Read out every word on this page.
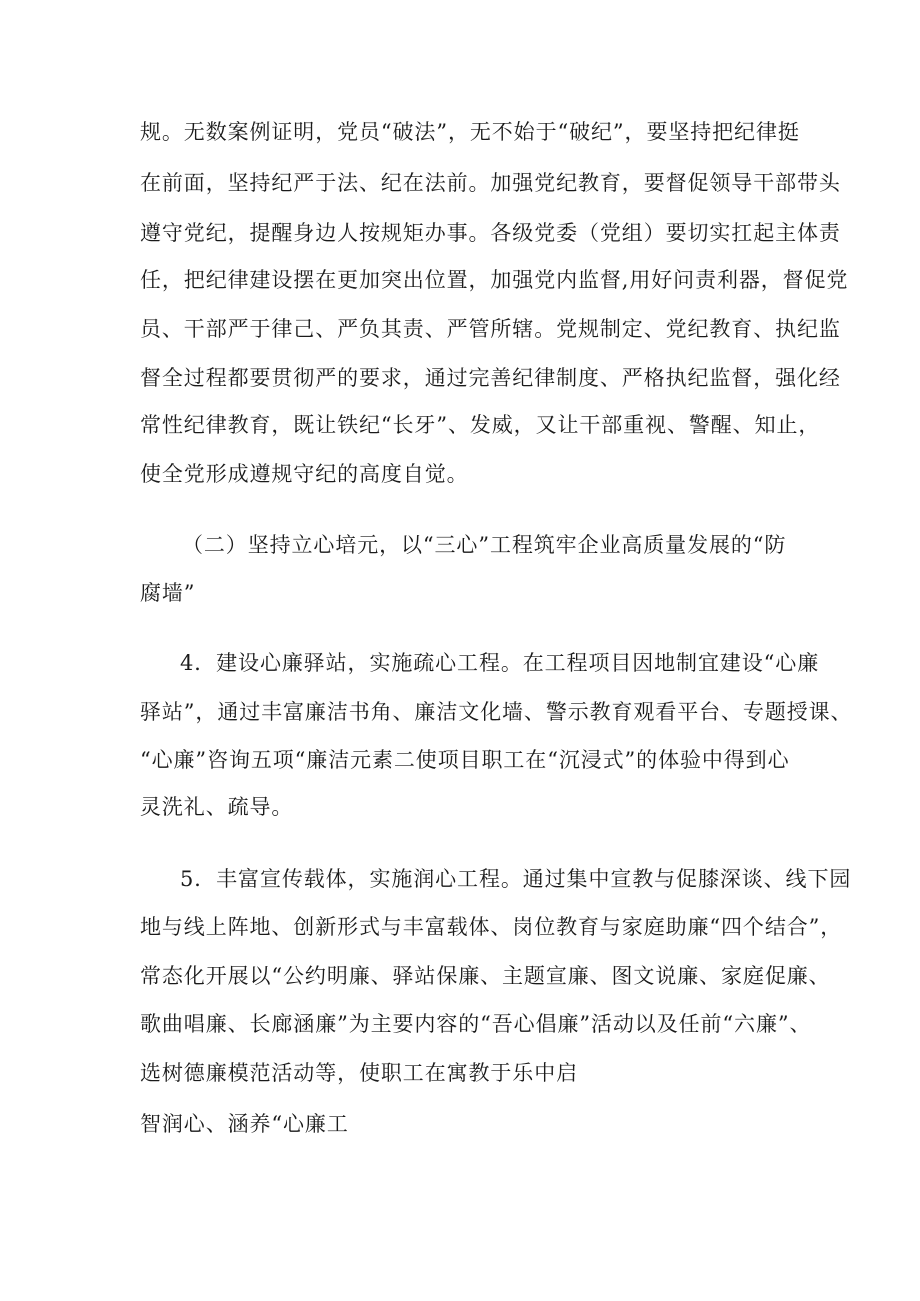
规。无数案例证明，党员“破法”，无不始于“破纪”，要坚持把纪律挺
在前面，坚持纪严于法、纪在法前。加强党纪教育，要督促领导干部带头
遵守党纪，提醒身边人按规矩办事。各级党委（党组）要切实扛起主体责
任，把纪律建设摆在更加突出位置，加强党内监督,用好问责利器，督促党
员、干部严于律己、严负其责、严管所辖。党规制定、党纪教育、执纪监
督全过程都要贯彻严的要求，通过完善纪律制度、严格执纪监督，强化经
常性纪律教育，既让铁纪“长牙”、发威，又让干部重视、警醒、知止，
使全党形成遵规守纪的高度自觉。
（二）坚持立心培元，以“三心”工程筑牢企业高质量发展的“防
腐墙”
4．建设心廉驿站，实施疏心工程。在工程项目因地制宜建设“心廉
驿站”，通过丰富廉洁书角、廉洁文化墙、警示教育观看平台、专题授课、
“心廉”咨询五项“廉洁元素二使项目职工在“沉浸式”的体验中得到心
灵洗礼、疏导。
5．丰富宣传载体，实施润心工程。通过集中宣教与促膝深谈、线下园
地与线上阵地、创新形式与丰富载体、岗位教育与家庭助廉“四个结合”，
常态化开展以“公约明廉、驿站保廉、主题宣廉、图文说廉、家庭促廉、
歌曲唱廉、长廊涵廉”为主要内容的“吾心倡廉”活动以及任前“六廉”、
选树德廉模范活动等，使职工在寓教于乐中启
智润心、涵养“心廉工
